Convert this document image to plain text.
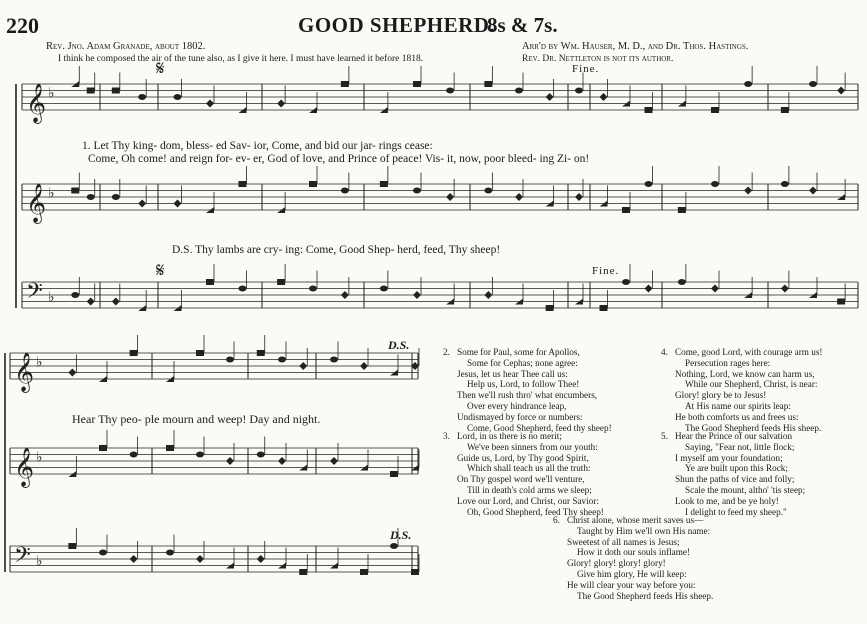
220	GOOD SHEPHERD.
8s & 7s.
Rev. Jno. Adam Granade, about 1802.	Arr'd by Wm. Hauser, M. D., and Dr. Thos. Hastings.
I think he composed the air of the tune also, as I give it here. I must have learned it before 1818.	Rev. Dr. Nettleton is not its author.
𝄞 ♭
𝄞 ♭
𝄢 ♭
𝄞 ♭
𝄞 ♭
𝄢 ♭
𝄋
𝄋
Fine.
Fine.
D.S.
D.S.
1. Let Thy king- dom, bless- ed Sav- ior, Come, and bid our jar- rings cease:
Come, Oh come! and reign for- ev- er, God of love, and Prince of peace! Vis- it, now, poor bleed- ing Zi- on!
D.S. Thy lambs are cry- ing: Come, Good Shep- herd, feed, Thy sheep!
Hear Thy peo- ple mourn and weep! Day and night.
2. Some for Paul, some for Apollos,
Some for Cephas; none agree:
Jesus, let us hear Thee call us:
Help us, Lord, to follow Thee!
Then we'll rush thro' what encumbers,
Over every hindrance leap,
Undismayed by force or numbers:
Come, Good Shepherd, feed thy sheep!
3. Lord, in us there is no merit;
We've been sinners from our youth:
Guide us, Lord, by Thy good Spirit,
Which shall teach us all the truth:
On Thy gospel word we'll venture,
Till in death's cold arms we sleep;
Love our Lord, and Christ, our Savior:
Oh, Good Shepherd, feed Thy sheep!
4. Come, good Lord, with courage arm us!
Persecution rages here:
Nothing, Lord, we know can harm us,
While our Shepherd, Christ, is near:
Glory! glory be to Jesus!
At His name our spirits leap:
He both comforts us and frees us:
The Good Shepherd feeds His sheep.
5. Hear the Prince of our salvation
Saying, "Fear not, little flock;
I myself am your foundation;
Ye are built upon this Rock;
Shun the paths of vice and folly;
Scale the mount, altho' 'tis steep;
Look to me, and be ye holy!
I delight to feed my sheep."
6. Christ alone, whose merit saves us—
Taught by Him we'll own His name:
Sweetest of all names is Jesus;
How it doth our souls inflame!
Glory! glory! glory! glory!
Give him glory, He will keep:
He will clear your way before you:
The Good Shepherd feeds His sheep.
